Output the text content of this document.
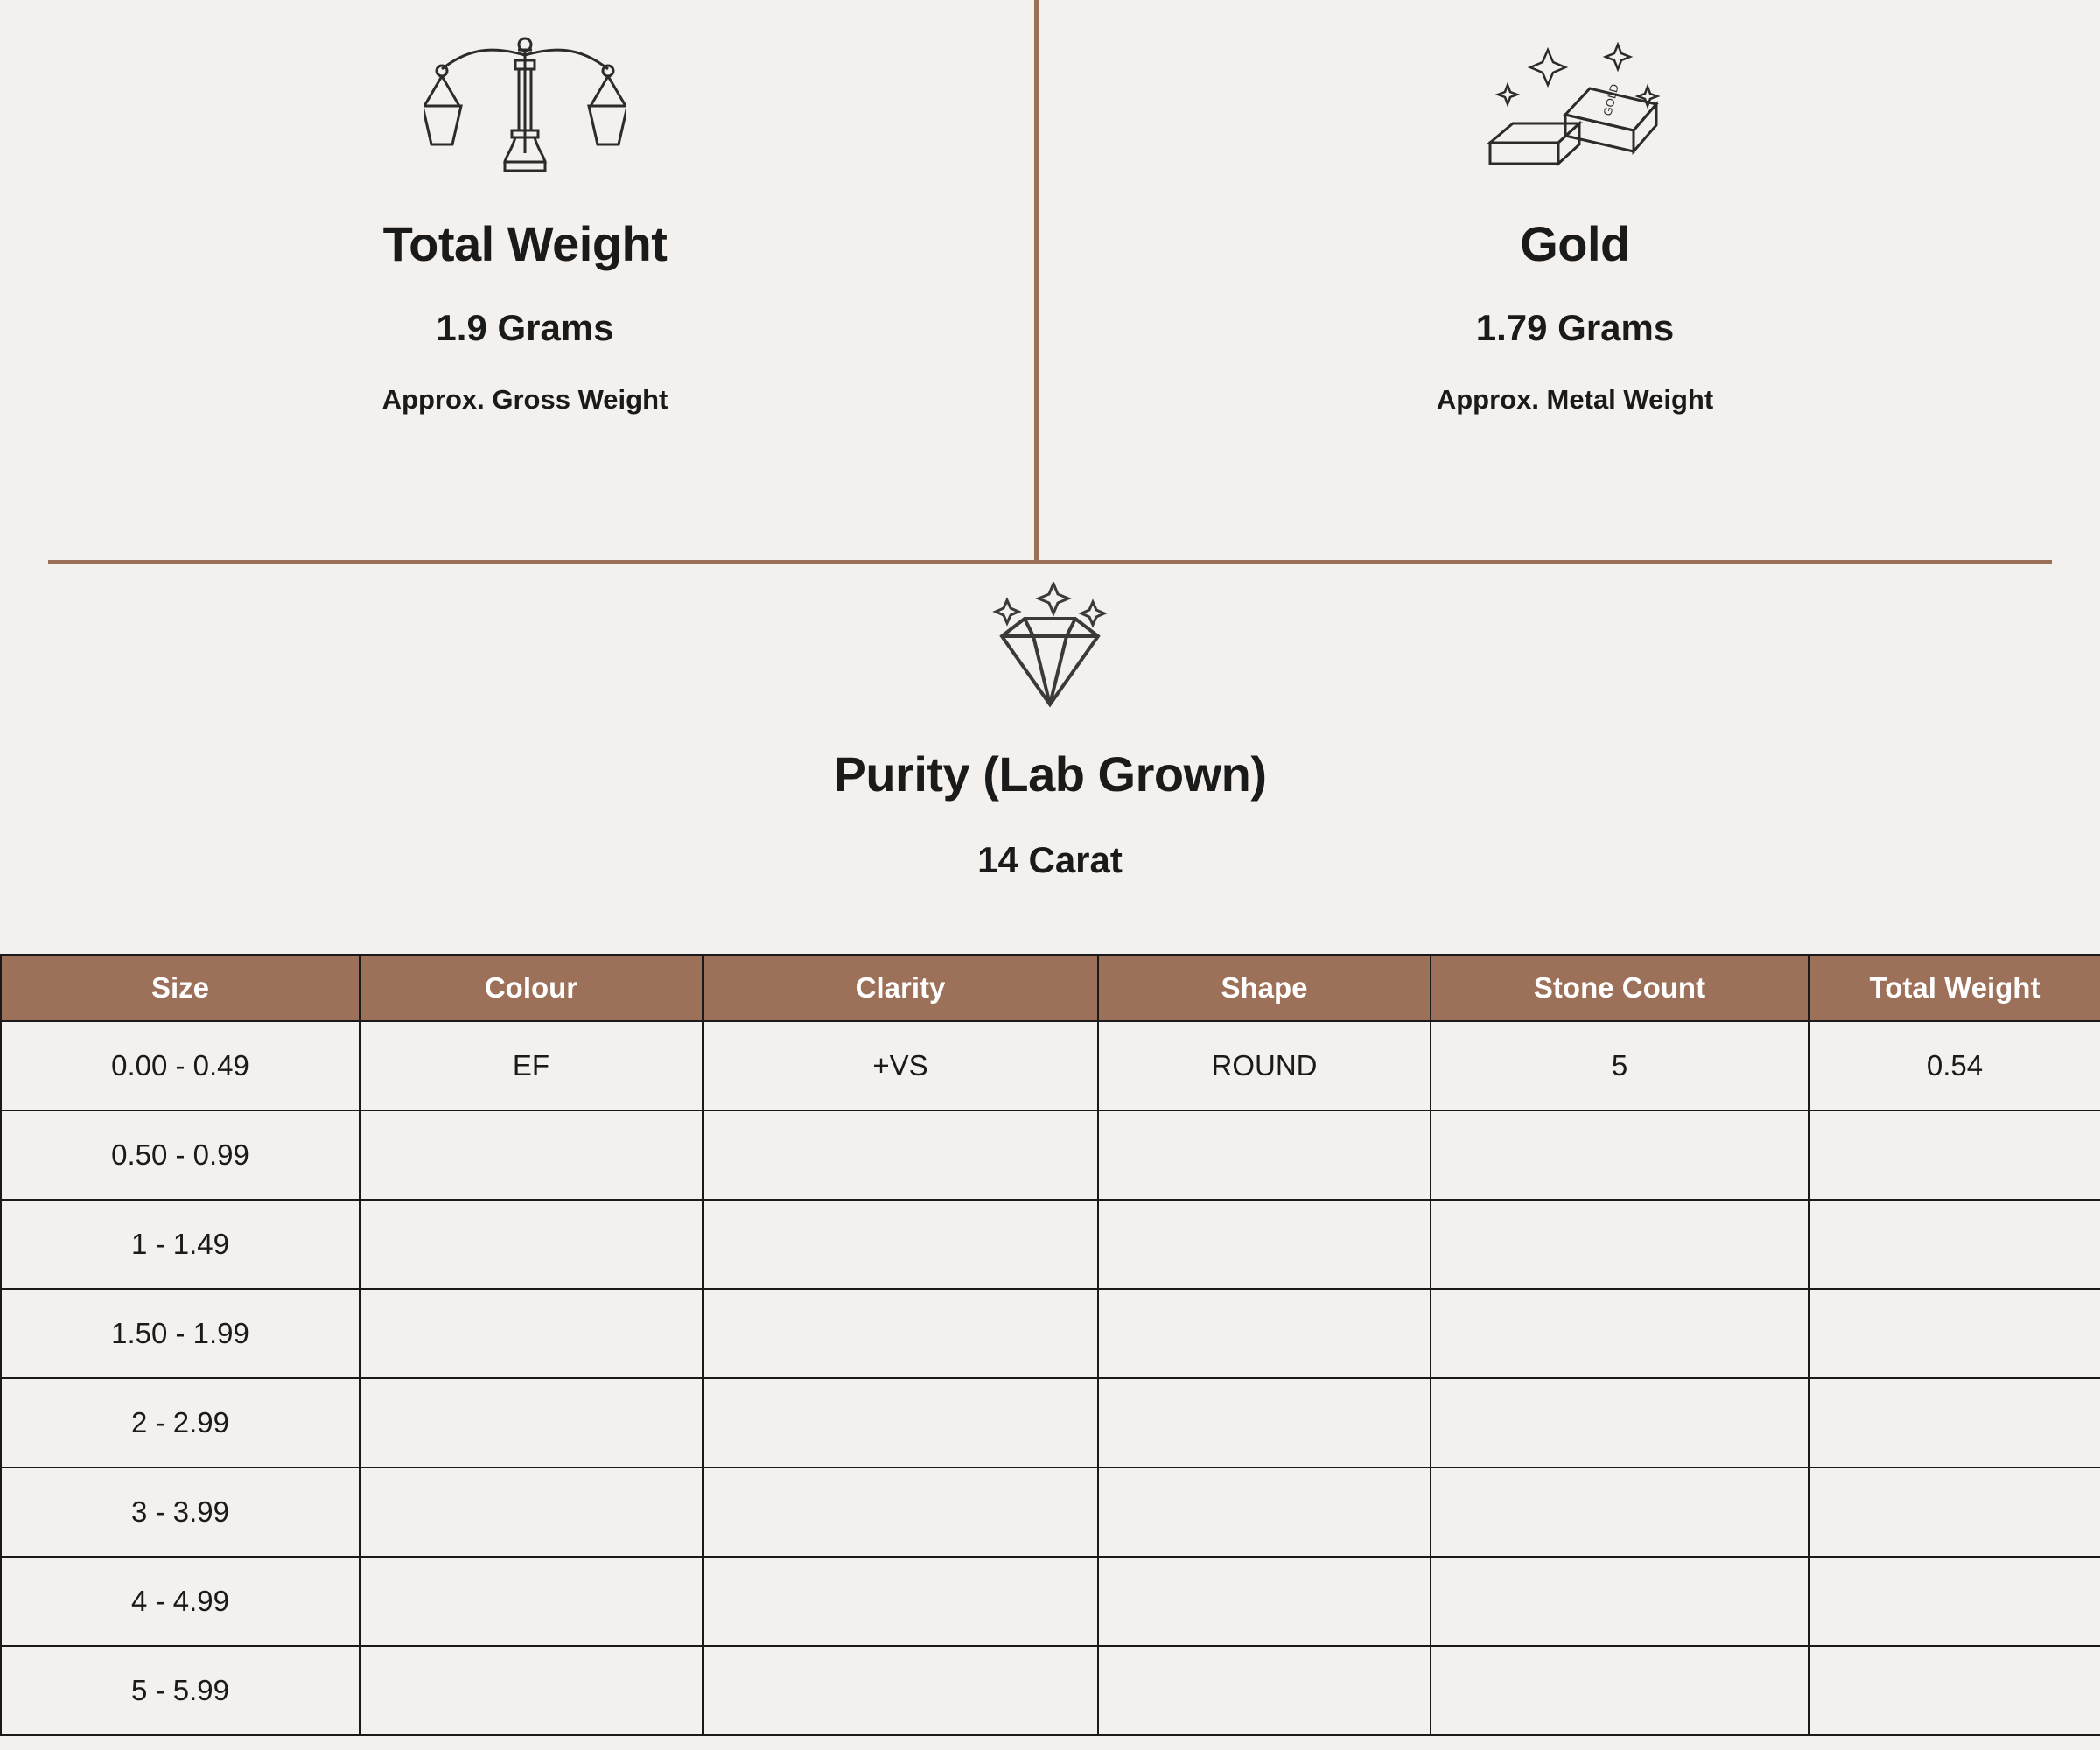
Total Weight
1.9 Grams
Approx. Gross Weight
GOLD
Gold
1.79 Grams
Approx. Metal Weight
Purity (Lab Grown)
14 Carat
Size	Colour	Clarity	Shape	Stone Count	Total Weight
0.00 - 0.49	EF	+VS	ROUND	5	0.54
0.50 - 0.99					
1 - 1.49					
1.50 - 1.99					
2 - 2.99					
3 - 3.99					
4 - 4.99					
5 - 5.99					
